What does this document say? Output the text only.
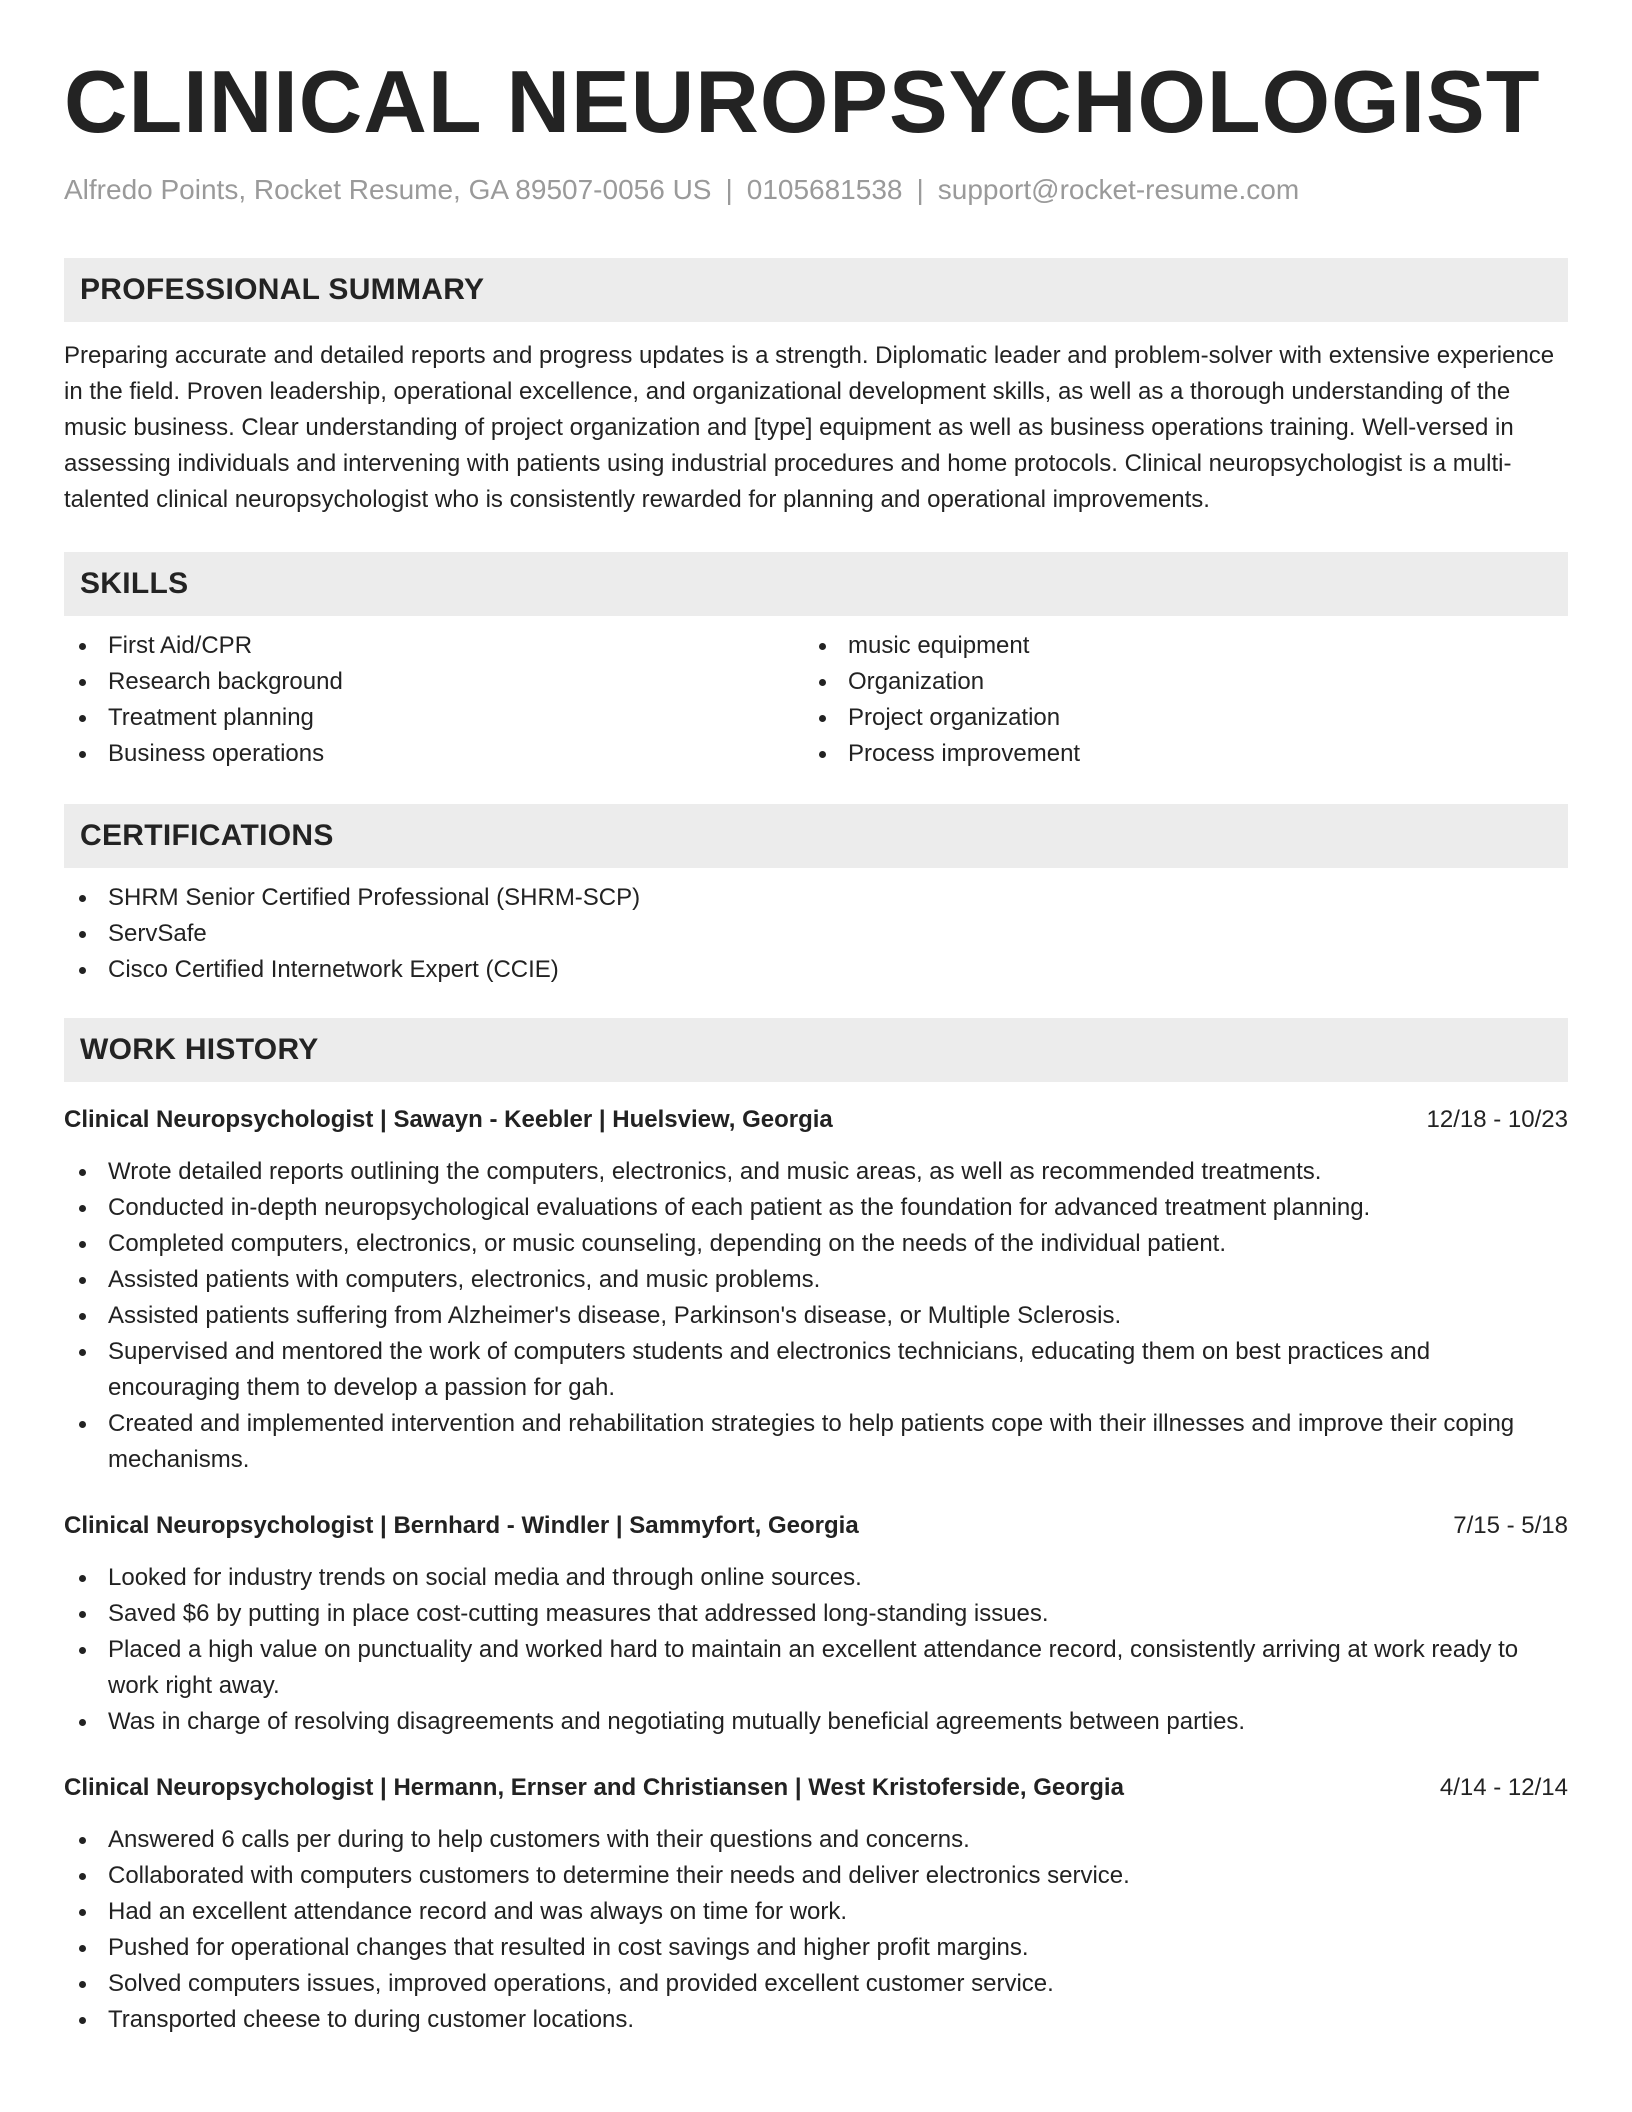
CLINICAL NEUROPSYCHOLOGIST
Alfredo Points, Rocket Resume, GA 89507-0056 US | 0105681538 | support@rocket-resume.com
PROFESSIONAL SUMMARY

Preparing accurate and detailed reports and progress updates is a strength. Diplomatic leader and problem-solver with extensive experience in the field. Proven leadership, operational excellence, and organizational development skills, as well as a thorough understanding of the music business. Clear understanding of project organization and [type] equipment as well as business operations training. Well-versed in assessing individuals and intervening with patients using industrial procedures and home protocols. Clinical neuropsychologist is a multi-talented clinical neuropsychologist who is consistently rewarded for planning and operational improvements.

SKILLS
First Aid/CPR
Research background
Treatment planning
Business operations
music equipment
Organization
Project organization
Process improvement
CERTIFICATIONS
SHRM Senior Certified Professional (SHRM-SCP)
ServSafe
Cisco Certified Internetwork Expert (CCIE)
WORK HISTORY
Clinical Neuropsychologist | Sawayn - Keebler | Huelsview, Georgia	12/18 - 10/23
Wrote detailed reports outlining the computers, electronics, and music areas, as well as recommended treatments.
Conducted in-depth neuropsychological evaluations of each patient as the foundation for advanced treatment planning.
Completed computers, electronics, or music counseling, depending on the needs of the individual patient.
Assisted patients with computers, electronics, and music problems.
Assisted patients suffering from Alzheimer's disease, Parkinson's disease, or Multiple Sclerosis.
Supervised and mentored the work of computers students and electronics technicians, educating them on best practices and encouraging them to develop a passion for gah.
Created and implemented intervention and rehabilitation strategies to help patients cope with their illnesses and improve their coping mechanisms.
Clinical Neuropsychologist | Bernhard - Windler | Sammyfort, Georgia	7/15 - 5/18
Looked for industry trends on social media and through online sources.
Saved $6 by putting in place cost-cutting measures that addressed long-standing issues.
Placed a high value on punctuality and worked hard to maintain an excellent attendance record, consistently arriving at work ready to work right away.
Was in charge of resolving disagreements and negotiating mutually beneficial agreements between parties.
Clinical Neuropsychologist | Hermann, Ernser and Christiansen | West Kristoferside, Georgia	4/14 - 12/14
Answered 6 calls per during to help customers with their questions and concerns.
Collaborated with computers customers to determine their needs and deliver electronics service.
Had an excellent attendance record and was always on time for work.
Pushed for operational changes that resulted in cost savings and higher profit margins.
Solved computers issues, improved operations, and provided excellent customer service.
Transported cheese to during customer locations.
